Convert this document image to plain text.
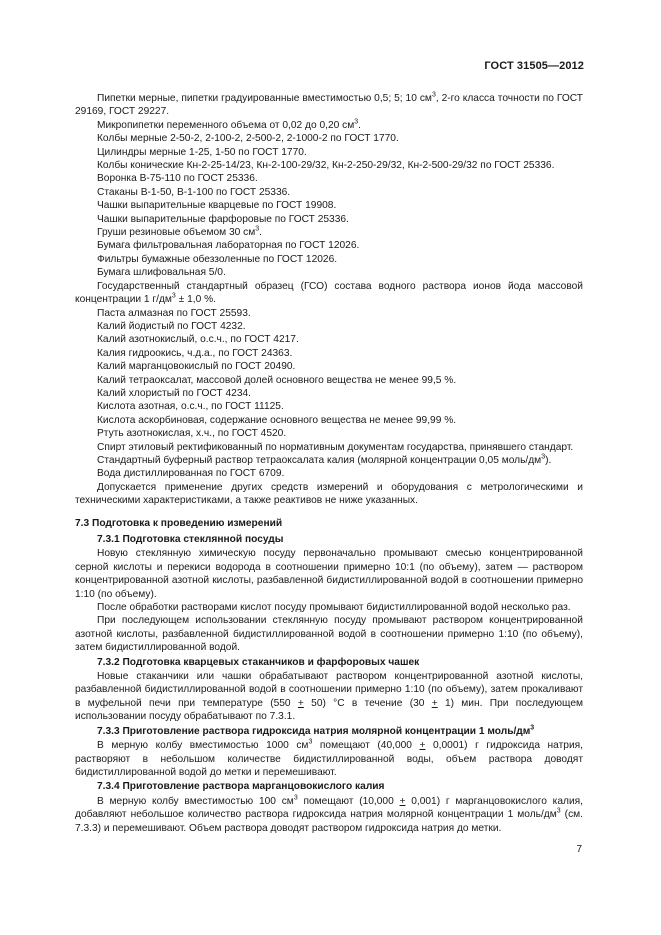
ГОСТ 31505—2012
Пипетки мерные, пипетки градуированные вместимостью 0,5; 5; 10 $см^3$, 2-го класса точности по ГОСТ 29169, ГОСТ 29227.
Микропипетки переменного объема от 0,02 до 0,20 $см^3$.
Колбы мерные 2-50-2, 2-100-2, 2-500-2, 2-1000-2 по ГОСТ 1770.
Цилиндры мерные 1-25, 1-50 по ГОСТ 1770.
Колбы конические Кн-2-25-14/23, Кн-2-100-29/32, Кн-2-250-29/32, Кн-2-500-29/32 по ГОСТ 25336.
Воронка В-75-110 по ГОСТ 25336.
Стаканы В-1-50, В-1-100 по ГОСТ 25336.
Чашки выпарительные кварцевые по ГОСТ 19908.
Чашки выпарительные фарфоровые по ГОСТ 25336.
Груши резиновые объемом 30 $см^3$.
Бумага фильтровальная лабораторная по ГОСТ 12026.
Фильтры бумажные обеззоленные по ГОСТ 12026.
Бумага шлифовальная 5/0.
Государственный стандартный образец (ГСО) состава водного раствора ионов йода массовой концентрации 1 $г/дм^3 \pm 1,0$ %.
Паста алмазная по ГОСТ 25593.
Калий йодистый по ГОСТ 4232.
Калий азотнокислый, о.с.ч., по ГОСТ 4217.
Калия гидроокись, ч.д.а., по ГОСТ 24363.
Калий марганцовокислый по ГОСТ 20490.
Калий тетраоксалат, массовой долей основного вещества не менее 99,5 %.
Калий хлористый по ГОСТ 4234.
Кислота азотная, о.с.ч., по ГОСТ 11125.
Кислота аскорбиновая, содержание основного вещества не менее 99,99 %.
Ртуть азотнокислая, х.ч., по ГОСТ 4520.
Спирт этиловый ректификованный по нормативным документам государства, принявшего стандарт.
Стандартный буферный раствор тетраоксалата калия (молярной концентрации 0,05 моль/$дм^3$).
Вода дистиллированная по ГОСТ 6709.
Допускается применение других средств измерений и оборудования с метрологическими и техническими характеристиками, а также реактивов не ниже указанных.
7.3 Подготовка к проведению измерений
7.3.1 Подготовка стеклянной посуды
Новую стеклянную химическую посуду первоначально промывают смесью концентрированной серной кислоты и перекиси водорода в соотношении примерно 10:1 (по объему), затем — раствором концентрированной азотной кислоты, разбавленной бидистиллированной водой в соотношении примерно 1:10 (по объему).
После обработки растворами кислот посуду промывают бидистиллированной водой несколько раз.
При последующем использовании стеклянную посуду промывают раствором концентрированной азотной кислоты, разбавленной бидистиллированной водой в соотношении примерно 1:10 (по объему), затем бидистиллированной водой.
7.3.2 Подготовка кварцевых стаканчиков и фарфоровых чашек
Новые стаканчики или чашки обрабатывают раствором концентрированной азотной кислоты, разбавленной бидистиллированной водой в соотношении примерно 1:10 (по объему), затем прокаливают в муфельной печи при температуре (550 + 50) °С в течение (30 + 1) мин. При последующем использовании посуду обрабатывают по 7.3.1.
7.3.3 Приготовление раствора гидроксида натрия молярной концентрации 1 моль/$дм^3$
В мерную колбу вместимостью 1000 $см^3$ помещают (40,000 + 0,0001) г гидроксида натрия, растворяют в небольшом количестве бидистиллированной воды, объем раствора доводят бидистиллированной водой до метки и перемешивают.
7.3.4 Приготовление раствора марганцовокислого калия
В мерную колбу вместимостью 100 $см^3$ помещают (10,000 + 0,001) г марганцовокислого калия, добавляют небольшое количество раствора гидроксида натрия молярной концентрации 1 моль/$дм^3$ (см. 7.3.3) и перемешивают. Объем раствора доводят раствором гидроксида натрия до метки.
7
